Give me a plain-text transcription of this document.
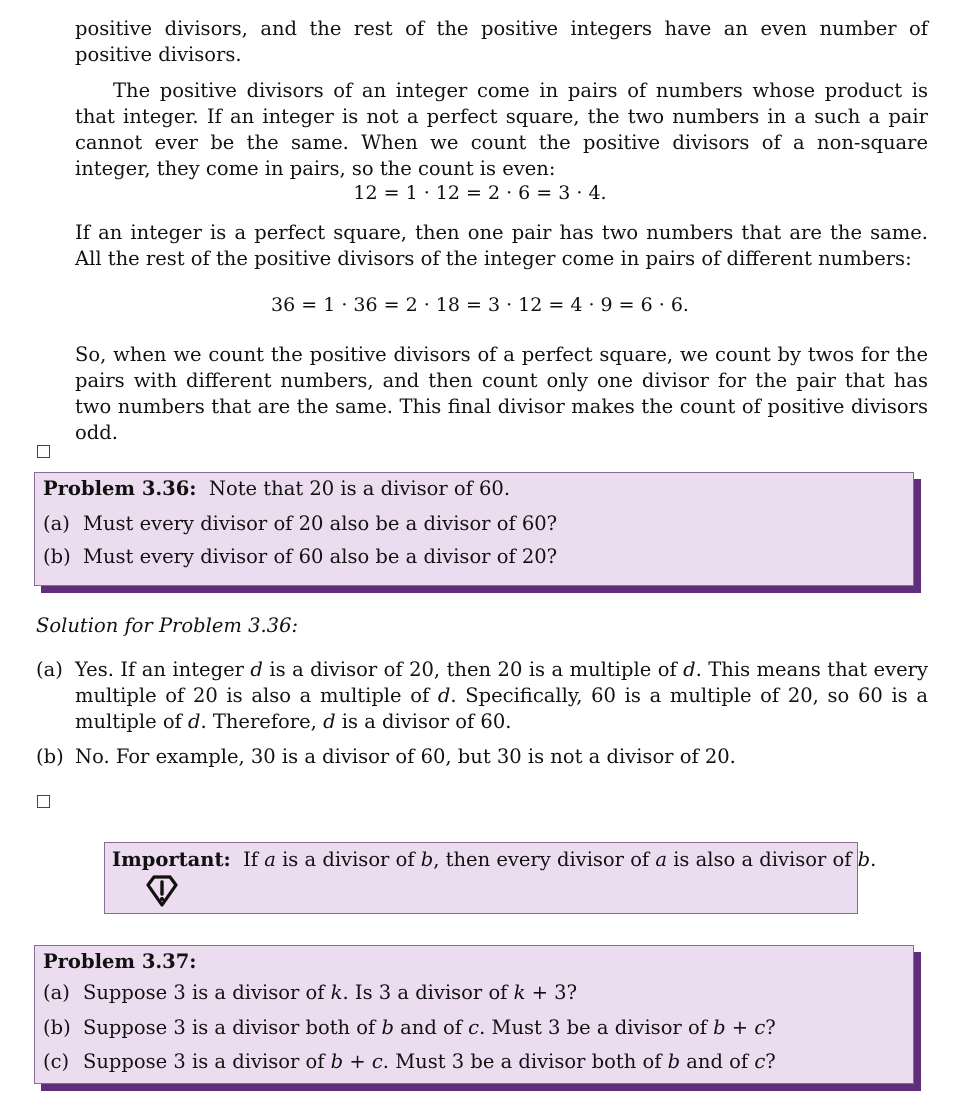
positive divisors, and the rest of the positive integers have an even number of positive divisors.
The positive divisors of an integer come in pairs of numbers whose product is that integer. If an integer is not a perfect square, the two numbers in a such a pair cannot ever be the same. When we count the positive divisors of a non-square integer, they come in pairs, so the count is even:
12 = 1 · 12 = 2 · 6 = 3 · 4.
If an integer is a perfect square, then one pair has two numbers that are the same. All the rest of the positive divisors of the integer come in pairs of different numbers:
36 = 1 · 36 = 2 · 18 = 3 · 12 = 4 · 9 = 6 · 6.
So, when we count the positive divisors of a perfect square, we count by twos for the pairs with different numbers, and then count only one divisor for the pair that has two numbers that are the same. This final divisor makes the count of positive divisors odd.
Problem 3.36: Note that 20 is a divisor of 60.
(a) Must every divisor of 20 also be a divisor of 60?
(b) Must every divisor of 60 also be a divisor of 20?
Solution for Problem 3.36:
(a) Yes. If an integer d is a divisor of 20, then 20 is a multiple of d. This means that every multiple of 20 is also a multiple of d. Specifically, 60 is a multiple of 20, so 60 is a multiple of d. Therefore, d is a divisor of 60.
(b) No. For example, 30 is a divisor of 60, but 30 is not a divisor of 20.
Important: If a is a divisor of b, then every divisor of a is also a divisor of b.
Problem 3.37:
(a) Suppose 3 is a divisor of k. Is 3 a divisor of k + 3?
(b) Suppose 3 is a divisor both of b and of c. Must 3 be a divisor of b + c?
(c) Suppose 3 is a divisor of b + c. Must 3 be a divisor both of b and of c?
